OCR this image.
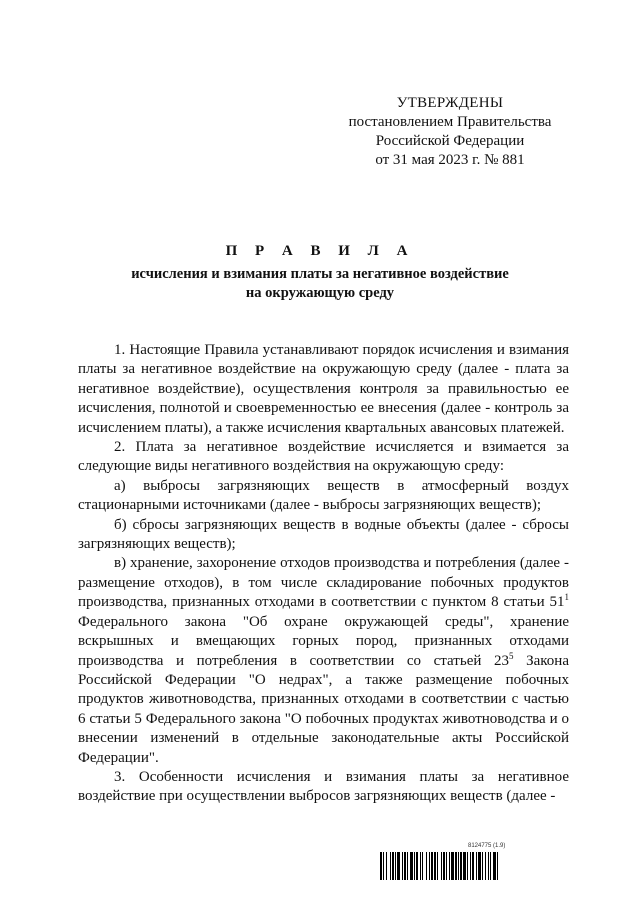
УТВЕРЖДЕНЫ
постановлением Правительства
Российской Федерации
от 31 мая 2023 г. № 881
П Р А В И Л А
исчисления и взимания платы за негативное воздействие
на окружающую среду

1. Настоящие Правила устанавливают порядок исчисления и взимания платы за негативное воздействие на окружающую среду (далее - плата за негативное воздействие), осуществления контроля за правильностью ее исчисления, полнотой и своевременностью ее внесения (далее - контроль за исчислением платы), а также исчисления квартальных авансовых платежей.

2. Плата за негативное воздействие исчисляется и взимается за следующие виды негативного воздействия на окружающую среду:

а) выбросы загрязняющих веществ в атмосферный воздух стационарными источниками (далее - выбросы загрязняющих веществ);

б) сбросы загрязняющих веществ в водные объекты (далее - сбросы загрязняющих веществ);

в) хранение, захоронение отходов производства и потребления (далее - размещение отходов), в том числе складирование побочных продуктов производства, признанных отходами в соответствии с пунктом 8 статьи $51^1$ Федерального закона "Об охране окружающей среды", хранение вскрышных и вмещающих горных пород, признанных отходами производства и потребления в соответствии со статьей $23^5$ Закона Российской Федерации "О недрах", а также размещение побочных продуктов животноводства, признанных отходами в соответствии с частью 6 статьи 5 Федерального закона "О побочных продуктах животноводства и о внесении изменений в отдельные законодательные акты Российской Федерации".

3. Особенности исчисления и взимания платы за негативное воздействие при осуществлении выбросов загрязняющих веществ (далее -

8124775 (1.9)
